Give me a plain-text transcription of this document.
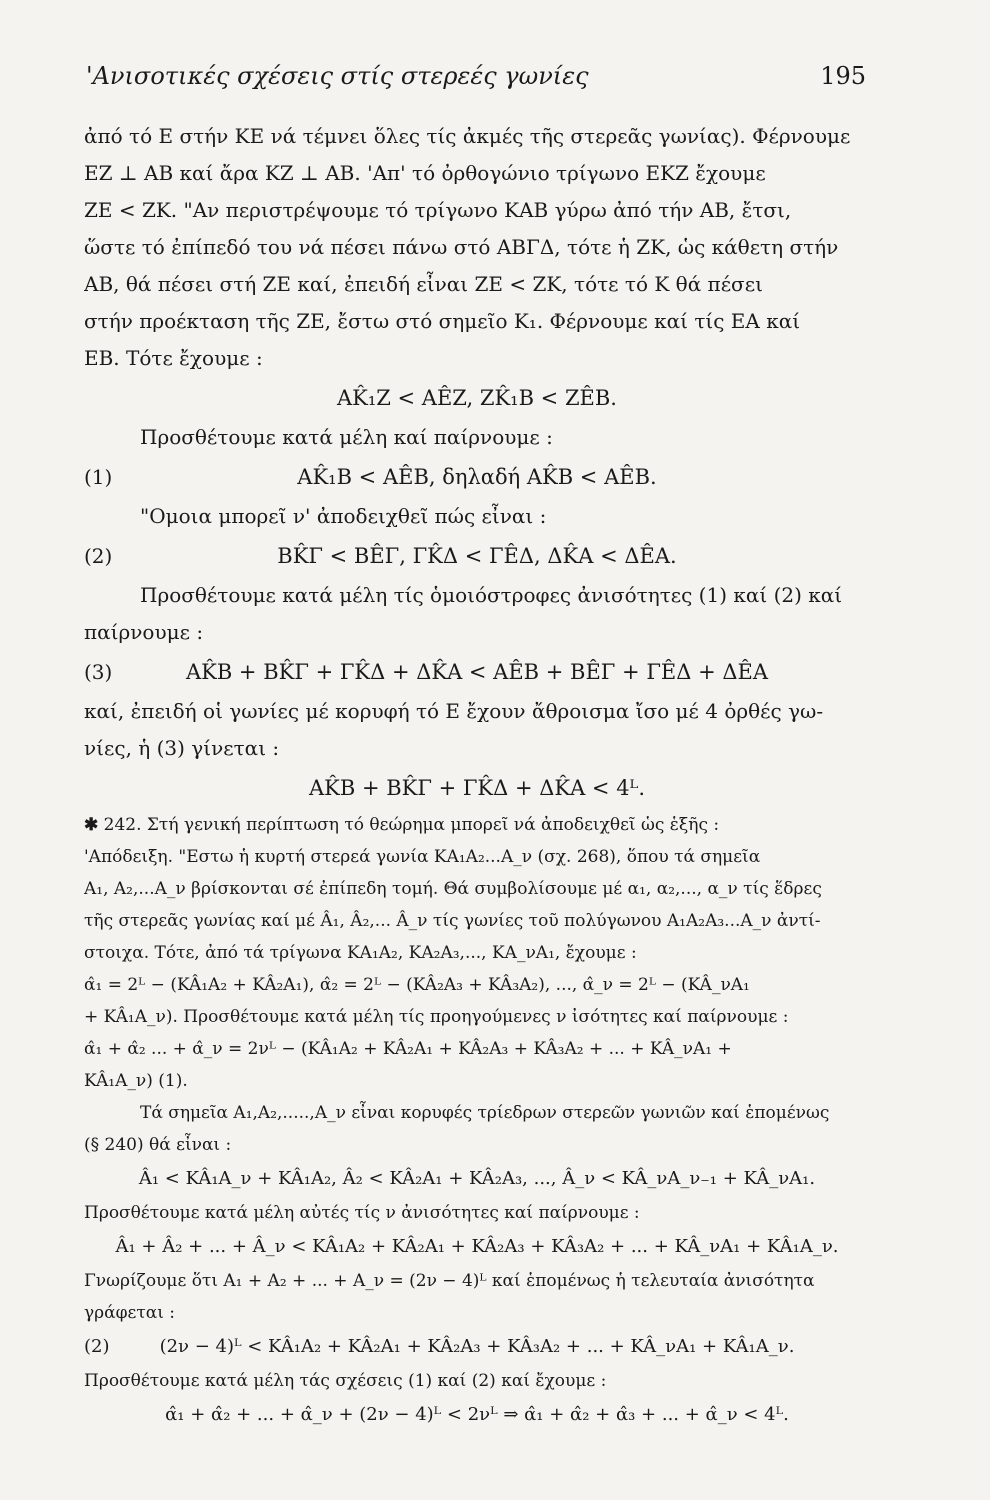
'Ανισοτικές σχέσεις στίς στερεές γωνίες	195
ἀπό τό Ε στήν ΚΕ νά τέμνει ὅλες τίς ἀκμές τῆς στερεᾶς γωνίας). Φέρνουμε
ΕΖ ⊥ ΑΒ καί ἄρα ΚΖ ⊥ ΑΒ. 'Απ' τό ὀρθογώνιο τρίγωνο ΕΚΖ ἔχουμε
ΖΕ < ΖΚ. "Αν περιστρέψουμε τό τρίγωνο ΚΑΒ γύρω ἀπό τήν ΑΒ, ἔτσι,
ὥστε τό ἐπίπεδό του νά πέσει πάνω στό ΑΒΓΔ, τότε ἡ ΖΚ, ὡς κάθετη στήν
ΑΒ, θά πέσει στή ΖΕ καί, ἐπειδή εἶναι ΖΕ < ΖΚ, τότε τό Κ θά πέσει
στήν προέκταση τῆς ΖΕ, ἔστω στό σημεῖο Κ₁. Φέρνουμε καί τίς ΕΑ καί
ΕΒ. Τότε ἔχουμε :
AK̂₁Z < AÊZ, ZK̂₁B < ZÊB.
Προσθέτουμε κατά μέλη καί παίρνουμε :
(1)	AK̂₁B < AÊB, δηλαδή AK̂B < AÊB.
"Ομοια μπορεῖ ν' ἀποδειχθεῖ πώς εἶναι :
(2)	BK̂Γ < BÊΓ, ΓK̂Δ < ΓÊΔ, ΔK̂A < ΔÊA.
Προσθέτουμε κατά μέλη τίς ὁμοιόστροφες ἀνισότητες (1) καί (2) καί
παίρνουμε :
(3)	AK̂B + BK̂Γ + ΓK̂Δ + ΔK̂A < AÊB + BÊΓ + ΓÊΔ + ΔÊA
καί, ἐπειδή οἱ γωνίες μέ κορυφή τό Ε ἔχουν ἄθροισμα ἴσο μέ 4 ὀρθές γω-
νίες, ἡ (3) γίνεται :
AK̂B + BK̂Γ + ΓK̂Δ + ΔK̂A < 4ᴸ.
✱ 242. Στή γενική περίπτωση τό θεώρημα μπορεῖ νά ἀποδειχθεῖ ὡς ἑξῆς :
'Απόδειξη. "Εστω ἡ κυρτή στερεά γωνία ΚΑ₁Α₂...Α_ν (σχ. 268), ὅπου τά σημεῖα
Α₁, Α₂,...Α_ν βρίσκονται σέ ἐπίπεδη τομή. Θά συμβολίσουμε μέ α₁, α₂,..., α_ν τίς ἕδρες
τῆς στερεᾶς γωνίας καί μέ Â₁, Â₂,... Â_ν τίς γωνίες τοῦ πολύγωνου Α₁Α₂Α₃...Α_ν ἀντί-
στοιχα. Τότε, ἀπό τά τρίγωνα ΚΑ₁Α₂, ΚΑ₂Α₃,..., ΚΑ_νΑ₁, ἔχουμε :
α̂₁ = 2ᴸ − (KÂ₁A₂ + KÂ₂A₁), α̂₂ = 2ᴸ − (KÂ₂A₃ + KÂ₃A₂), ..., α̂_ν = 2ᴸ − (KÂ_νA₁
+ KÂ₁A_ν). Προσθέτουμε κατά μέλη τίς προηγούμενες ν ἰσότητες καί παίρνουμε :
α̂₁ + α̂₂ ... + α̂_ν = 2νᴸ − (KÂ₁A₂ + KÂ₂A₁ + KÂ₂A₃ + KÂ₃A₂ + ... + KÂ_νA₁ +
KÂ₁A_ν) (1).
Τά σημεῖα Α₁,Α₂,.....,Α_ν εἶναι κορυφές τρίεδρων στερεῶν γωνιῶν καί ἑπομένως
(§ 240) θά εἶναι :
Â₁ < KÂ₁A_ν + KÂ₁A₂, Â₂ < KÂ₂A₁ + KÂ₂A₃, ..., Â_ν < KÂ_νA_ν₋₁ + KÂ_νA₁.
Προσθέτουμε κατά μέλη αὐτές τίς ν ἀνισότητες καί παίρνουμε :
Â₁ + Â₂ + ... + Â_ν < KÂ₁A₂ + KÂ₂A₁ + KÂ₂A₃ + KÂ₃A₂ + ... + KÂ_νA₁ + KÂ₁A_ν.
Γνωρίζουμε ὅτι Α₁ + Α₂ + ... + Α_ν = (2ν − 4)ᴸ καί ἑπομένως ἡ τελευταία ἀνισότητα
γράφεται :
(2)	(2ν − 4)ᴸ < KÂ₁A₂ + KÂ₂A₁ + KÂ₂A₃ + KÂ₃A₂ + ... + KÂ_νA₁ + KÂ₁A_ν.
Προσθέτουμε κατά μέλη τάς σχέσεις (1) καί (2) καί ἔχουμε :
α̂₁ + α̂₂ + ... + α̂_ν + (2ν − 4)ᴸ < 2νᴸ ⇒ α̂₁ + α̂₂ + α̂₃ + ... + α̂_ν < 4ᴸ.
